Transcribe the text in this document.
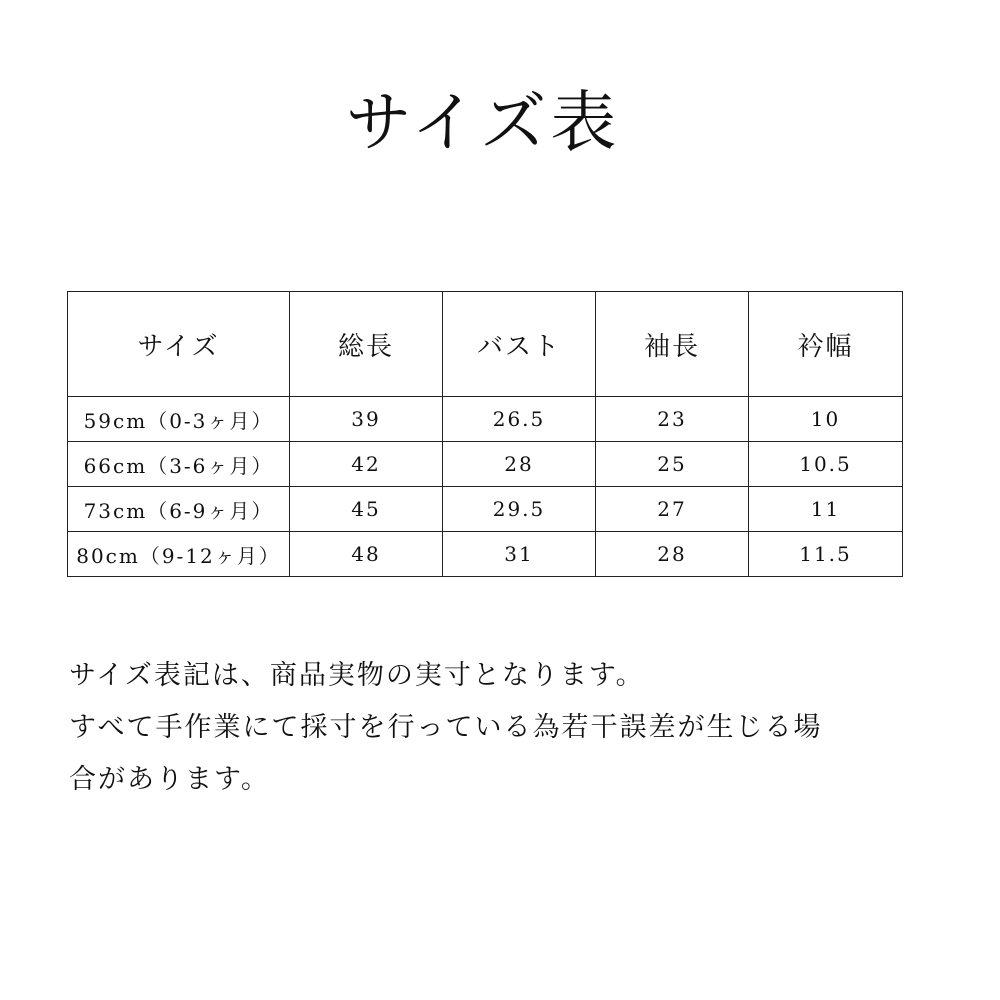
サイズ表
サイズ	総長	バスト	袖長	衿幅
59cm（0-3ヶ月）	39	26.5	23	10
66cm（3-6ヶ月）	42	28	25	10.5
73cm（6-9ヶ月）	45	29.5	27	11
80cm（9-12ヶ月）	48	31	28	11.5
サイズ表記は、商品実物の実寸となります。
すべて手作業にて採寸を行っている為若干誤差が生じる場
合があります。
